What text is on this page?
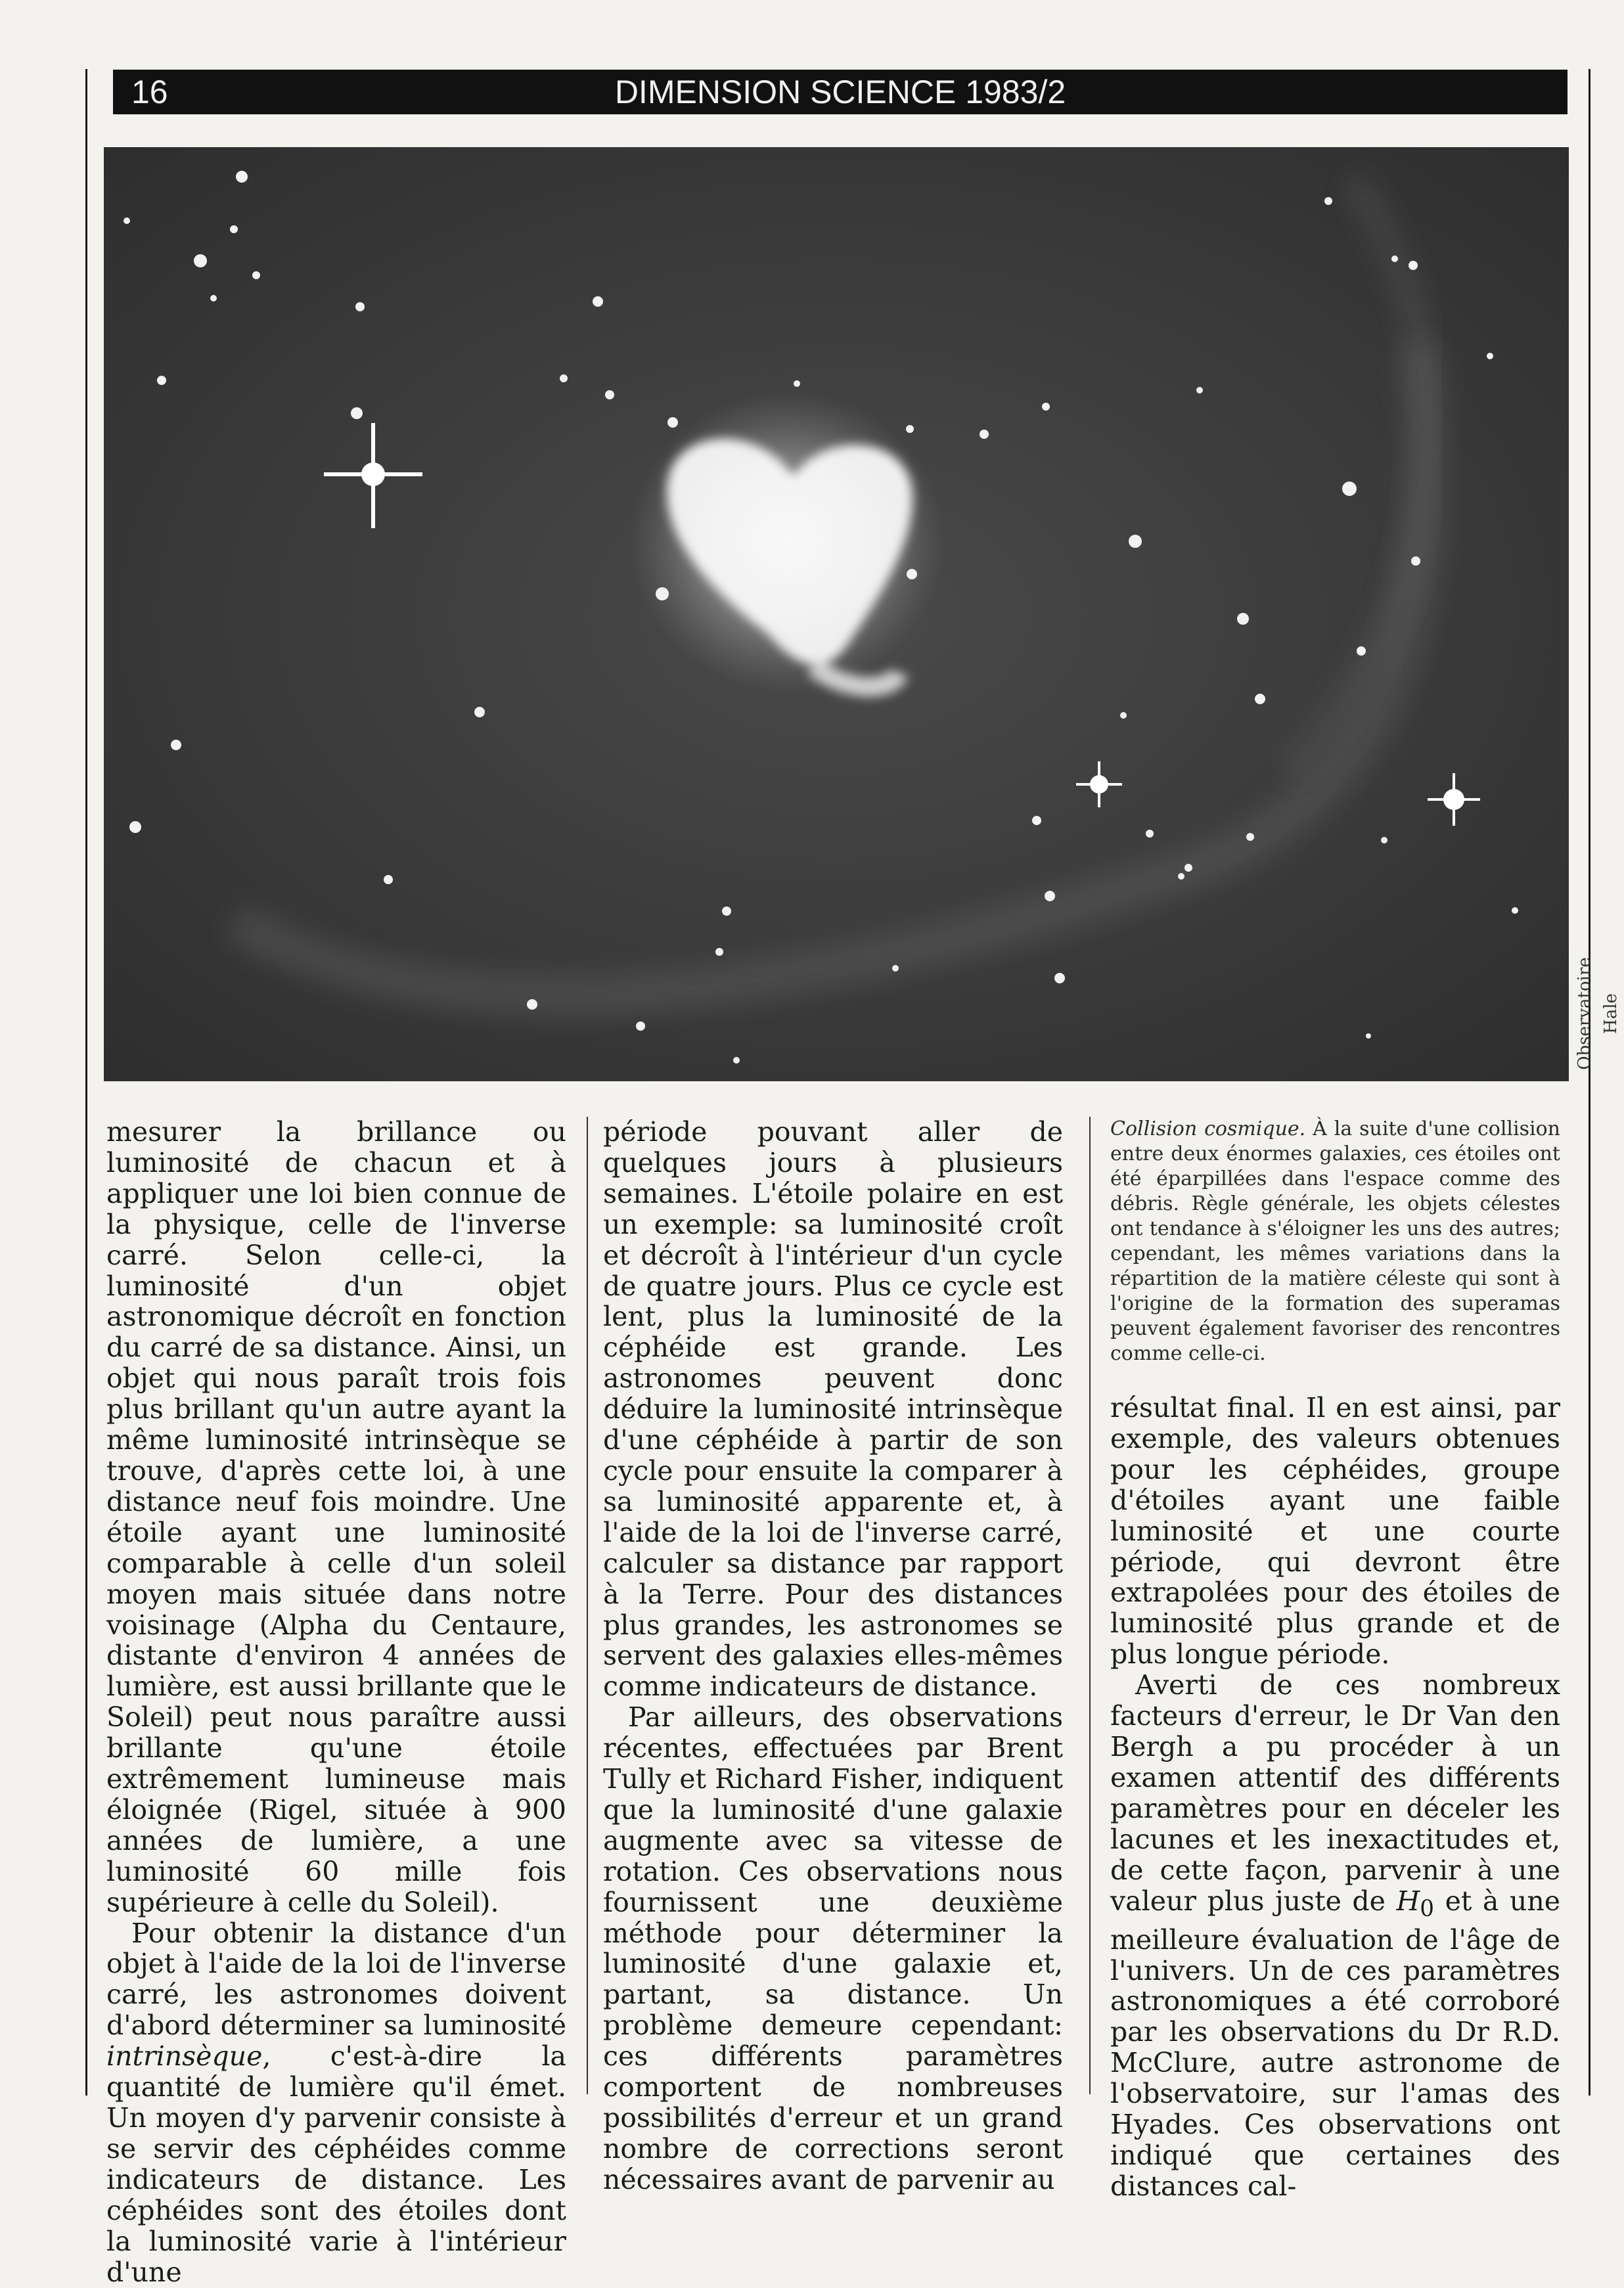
16	DIMENSION SCIENCE 1983/2
Observatoire Hale

mesurer la brillance ou luminosité de chacun et à appliquer une loi bien connue de la physique, celle de l'inverse carré. Selon celle-ci, la luminosité d'un objet astronomique décroît en fonction du carré de sa distance. Ainsi, un objet qui nous paraît trois fois plus brillant qu'un autre ayant la même luminosité intrinsèque se trouve, d'après cette loi, à une distance neuf fois moindre. Une étoile ayant une luminosité comparable à celle d'un soleil moyen mais située dans notre voisinage (Alpha du Centaure, distante d'environ 4 années de lumière, est aussi brillante que le Soleil) peut nous paraître aussi brillante qu'une étoile extrêmement lumineuse mais éloignée (Rigel, située à 900 années de lumière, a une luminosité 60 mille fois supérieure à celle du Soleil).

Pour obtenir la distance d'un objet à l'aide de la loi de l'inverse carré, les astronomes doivent d'abord déterminer sa luminosité intrinsèque, c'est-à-dire la quantité de lumière qu'il émet. Un moyen d'y parvenir consiste à se servir des céphéides comme indicateurs de distance. Les céphéides sont des étoiles dont la luminosité varie à l'intérieur d'une

période pouvant aller de quelques jours à plusieurs semaines. L'étoile polaire en est un exemple: sa luminosité croît et décroît à l'intérieur d'un cycle de quatre jours. Plus ce cycle est lent, plus la luminosité de la céphéide est grande. Les astronomes peuvent donc déduire la luminosité intrinsèque d'une céphéide à partir de son cycle pour ensuite la comparer à sa luminosité apparente et, à l'aide de la loi de l'inverse carré, calculer sa distance par rapport à la Terre. Pour des distances plus grandes, les astronomes se servent des galaxies elles-mêmes comme indicateurs de distance.

Par ailleurs, des observations récentes, effectuées par Brent Tully et Richard Fisher, indiquent que la luminosité d'une galaxie augmente avec sa vitesse de rotation. Ces observations nous fournissent une deuxième méthode pour déterminer la luminosité d'une galaxie et, partant, sa distance. Un problème demeure cependant: ces différents paramètres comportent de nombreuses possibilités d'erreur et un grand nombre de corrections seront nécessaires avant de parvenir au

Collision cosmique. À la suite d'une collision entre deux énormes galaxies, ces étoiles ont été éparpillées dans l'espace comme des débris. Règle générale, les objets célestes ont tendance à s'éloigner les uns des autres; cependant, les mêmes variations dans la répartition de la matière céleste qui sont à l'origine de la formation des superamas peuvent également favoriser des rencontres comme celle-ci.

résultat final. Il en est ainsi, par exemple, des valeurs obtenues pour les céphéides, groupe d'étoiles ayant une faible luminosité et une courte période, qui devront être extrapolées pour des étoiles de luminosité plus grande et de plus longue période.

Averti de ces nombreux facteurs d'erreur, le Dr Van den Bergh a pu procéder à un examen attentif des différents paramètres pour en déceler les lacunes et les inexactitudes et, de cette façon, parvenir à une valeur plus juste de $H_0$ et à une meilleure évaluation de l'âge de l'univers. Un de ces paramètres astronomiques a été corroboré par les observations du Dr R.D. McClure, autre astronome de l'observatoire, sur l'amas des Hyades. Ces observations ont indiqué que certaines des distances cal-
